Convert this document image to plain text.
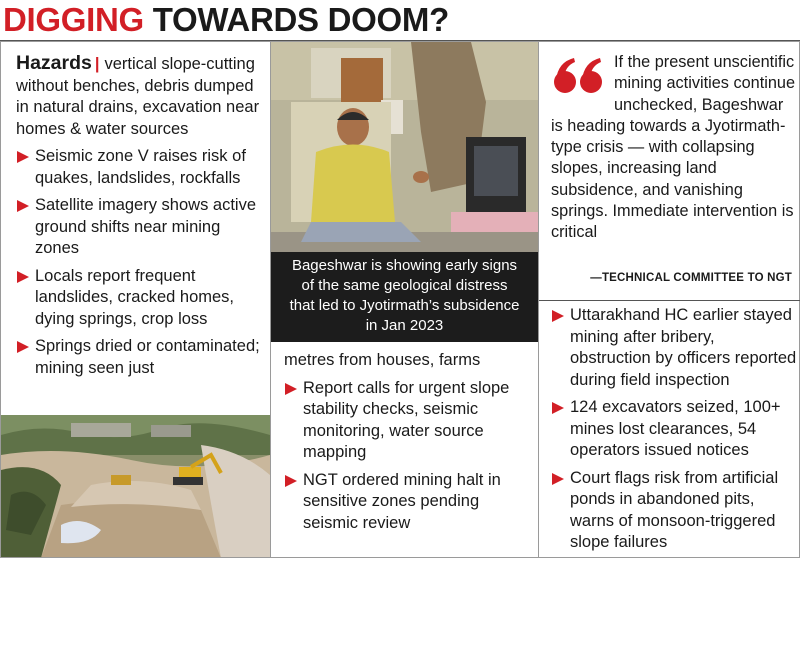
DIGGING TOWARDS DOOM?
Hazards | vertical slope-cutting without benches, debris dumped in natural drains, excavation near homes & water sources
Seismic zone V raises risk of quakes, landslides, rockfalls
Satellite imagery shows active ground shifts near mining zones
Locals report frequent landslides, cracked homes, dying springs, crop loss
Springs dried or contaminated; mining seen just
Bageshwar is showing early signs of the same geological distress that led to Jyotirmath’s subsidence in Jan 2023
metres from houses, farms
Report calls for urgent slope stability checks, seismic monitoring, water source mapping
NGT ordered mining halt in sensitive zones pending seismic review
If the present unscientific mining activities continue unchecked, Bageshwar is heading towards a Jyotirmath-type crisis — with collapsing slopes, increasing land subsidence, and vanishing springs. Immediate intervention is critical
—TECHNICAL COMMITTEE TO NGT
Uttarakhand HC earlier stayed mining after bribery, obstruction by officers reported during field inspection
124 excavators seized, 100+ mines lost clearances, 54 operators issued notices
Court flags risk from artificial ponds in abandoned pits, warns of monsoon-triggered slope failures
